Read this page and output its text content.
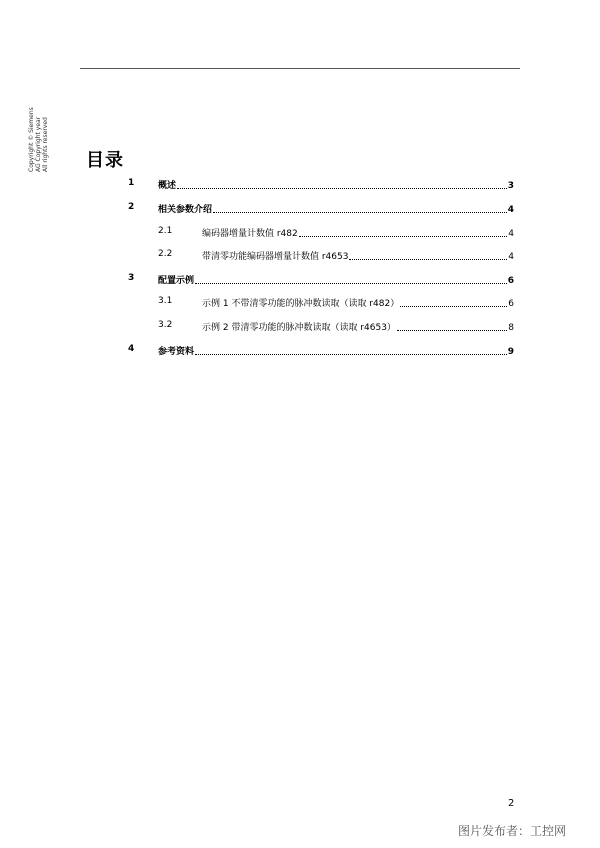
Copyright © Siemens AG Copyright year All rights reserved 目录
1	概述	3
2	相关参数介绍	4
2.1	编码器增量计数值 r482	4
2.2	带清零功能编码器增量计数值 r4653	4
3	配置示例	6
3.1	示例 1 不带清零功能的脉冲数读取（读取 r482）	6
3.2	示例 2 带清零功能的脉冲数读取（读取 r4653）	8
4	参考资料	9
2
图片发布者：工控网
